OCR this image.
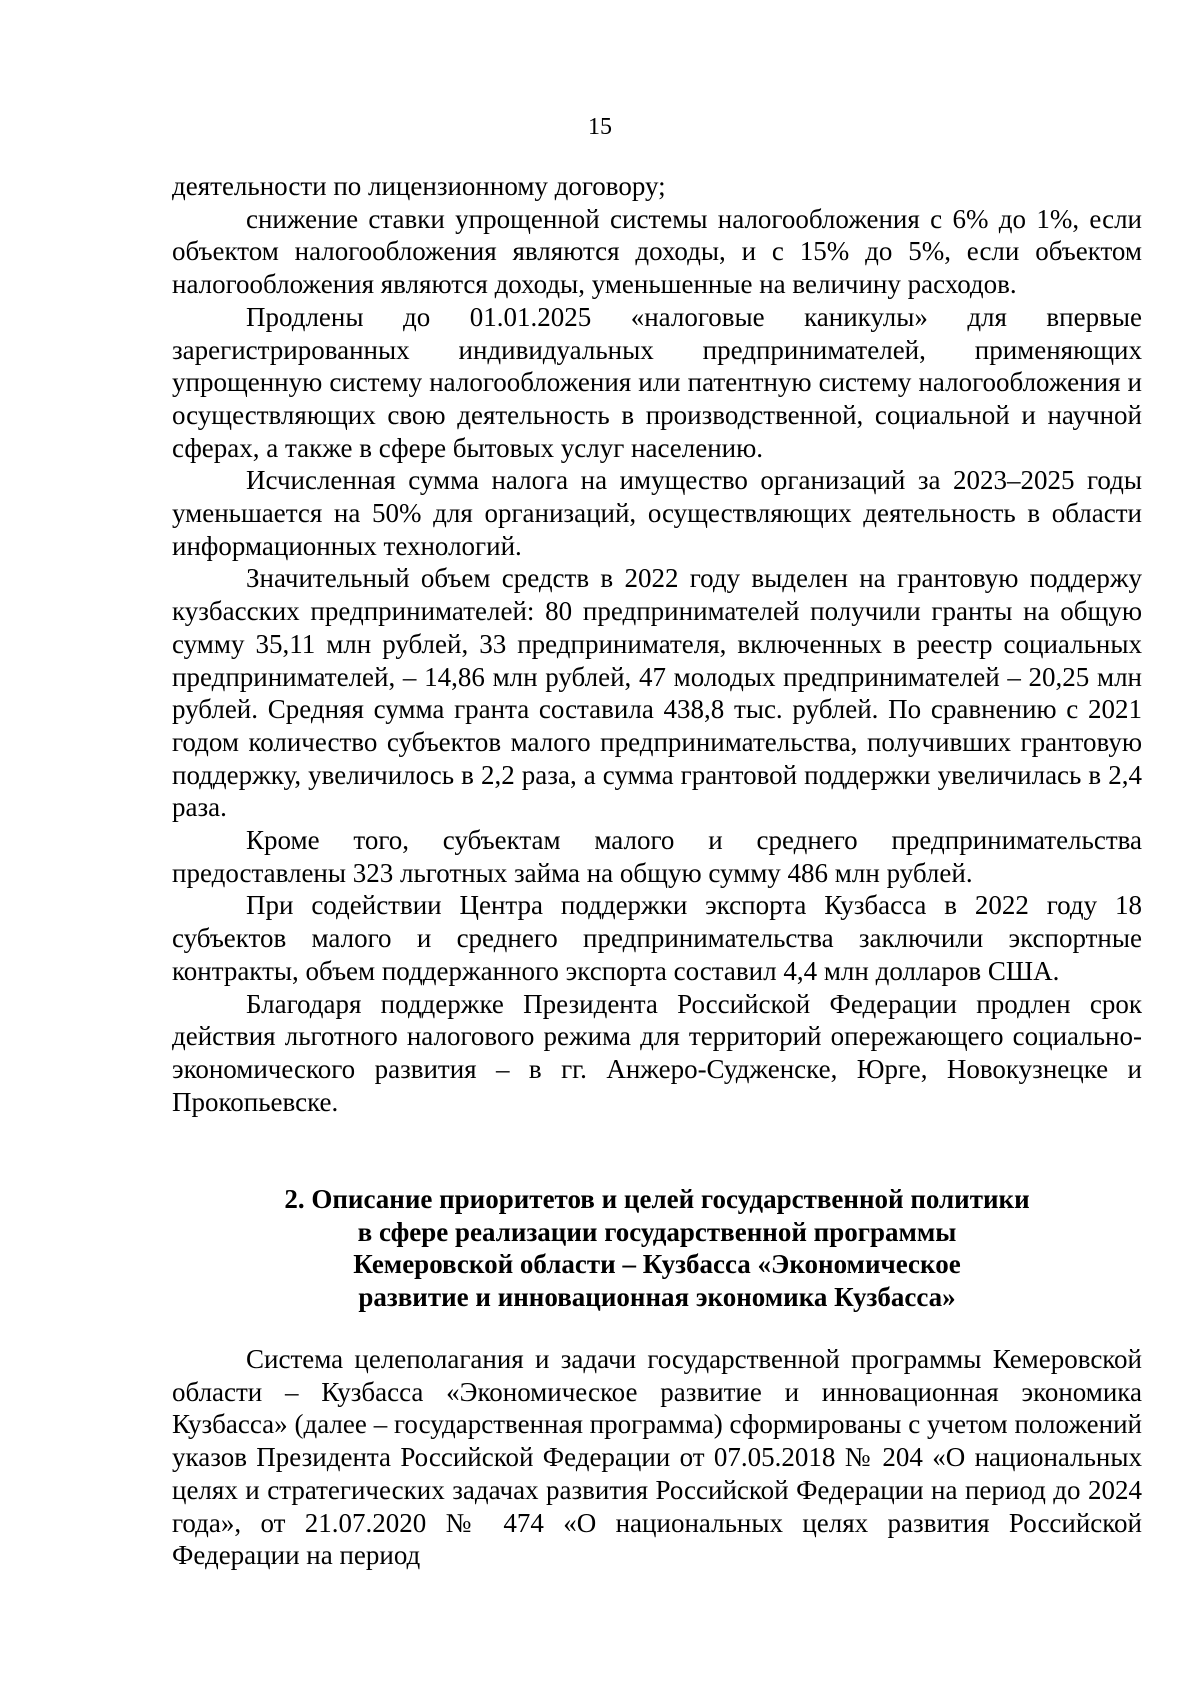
15

деятельности по лицензионному договору;

снижение ставки упрощенной системы налогообложения с 6% до 1%, если объектом налогообложения являются доходы, и с 15% до 5%, если объектом налогообложения являются доходы, уменьшенные на величину расходов.

Продлены до 01.01.2025 «налоговые каникулы» для впервые зарегистрированных индивидуальных предпринимателей, применяющих упрощенную систему налогообложения или патентную систему налогообложения и осуществляющих свою деятельность в производственной, социальной и научной сферах, а также в сфере бытовых услуг населению.

Исчисленная сумма налога на имущество организаций за 2023–2025 годы уменьшается на 50% для организаций, осуществляющих деятельность в области информационных технологий.

Значительный объем средств в 2022 году выделен на грантовую поддержу кузбасских предпринимателей: 80 предпринимателей получили гранты на общую сумму 35,11 млн рублей, 33 предпринимателя, включенных в реестр социальных предпринимателей, – 14,86 млн рублей, 47 молодых предпринимателей – 20,25 млн рублей. Средняя сумма гранта составила 438,8 тыс. рублей. По сравнению с 2021 годом количество субъектов малого предпринимательства, получивших грантовую поддержку, увеличилось в 2,2 раза, а сумма грантовой поддержки увеличилась в 2,4 раза.

Кроме того, субъектам малого и среднего предпринимательства предоставлены 323 льготных займа на общую сумму 486 млн рублей.

При содействии Центра поддержки экспорта Кузбасса в 2022 году 18 субъектов малого и среднего предпринимательства заключили экспортные контракты, объем поддержанного экспорта составил 4,4 млн долларов США.

Благодаря поддержке Президента Российской Федерации продлен срок действия льготного налогового режима для территорий опережающего социально-экономического развития – в гг. Анжеро-Судженске, Юрге, Новокузнецке и Прокопьевске.

2. Описание приоритетов и целей государственной политики
в сфере реализации государственной программы
Кемеровской области – Кузбасса «Экономическое
развитие и инновационная экономика Кузбасса»

Система целеполагания и задачи государственной программы Кемеровской области – Кузбасса «Экономическое развитие и инновационная экономика Кузбасса» (далее – государственная программа) сформированы с учетом положений указов Президента Российской Федерации от 07.05.2018 № 204 «О национальных целях и стратегических задачах развития Российской Федерации на период до 2024 года», от 21.07.2020 № 474 «О национальных целях развития Российской Федерации на период
